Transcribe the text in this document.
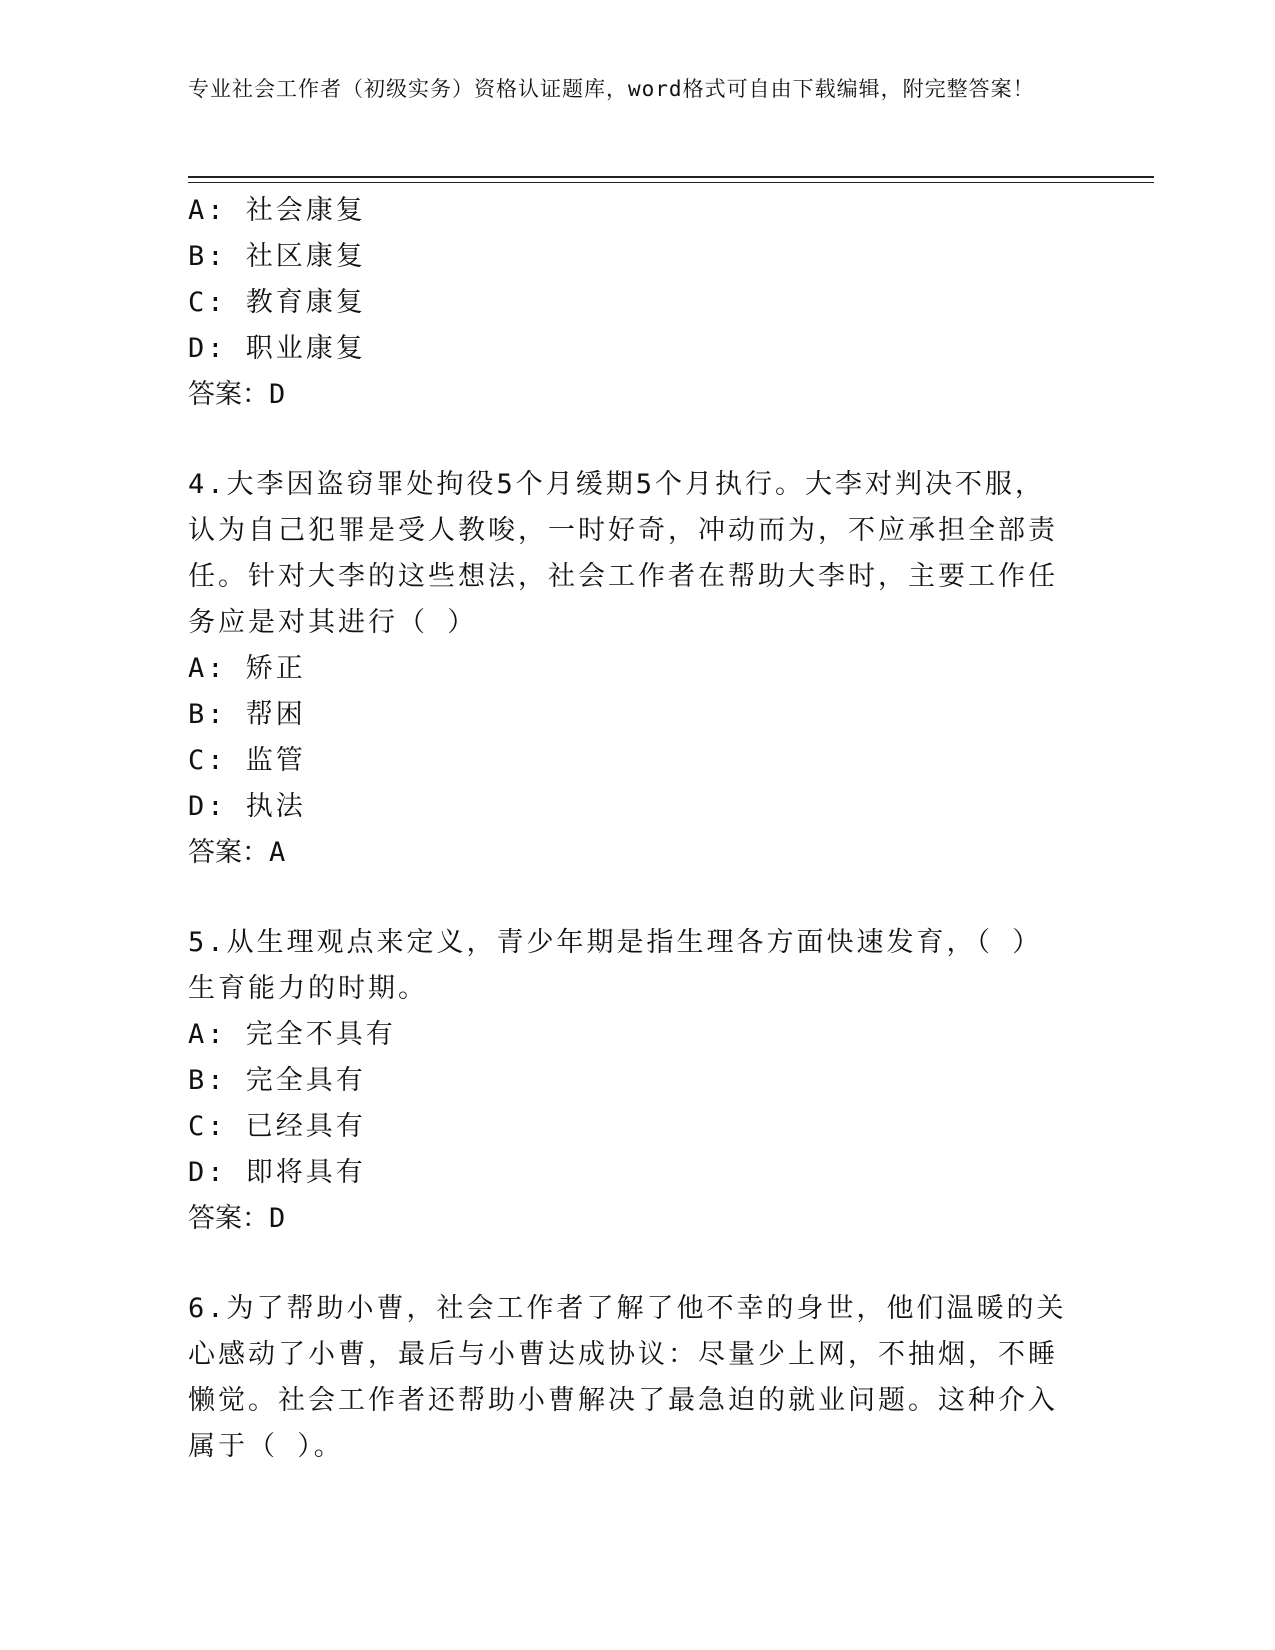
专业社会工作者（初级实务）资格认证题库，word格式可自由下载编辑，附完整答案！
A: 社会康复
B: 社区康复
C: 教育康复
D: 职业康复
答案：D
4.大李因盗窃罪处拘役5个月缓期5个月执行。大李对判决不服，认为自己犯罪是受人教唆，一时好奇，冲动而为，不应承担全部责任。针对大李的这些想法，社会工作者在帮助大李时，主要工作任务应是对其进行（ ）
A: 矫正
B: 帮困
C: 监管
D: 执法
答案：A
5.从生理观点来定义，青少年期是指生理各方面快速发育，（ ）生育能力的时期。
A: 完全不具有
B: 完全具有
C: 已经具有
D: 即将具有
答案：D
6.为了帮助小曹，社会工作者了解了他不幸的身世，他们温暖的关心感动了小曹，最后与小曹达成协议：尽量少上网，不抽烟，不睡懒觉。社会工作者还帮助小曹解决了最急迫的就业问题。这种介入属于（ ）。
